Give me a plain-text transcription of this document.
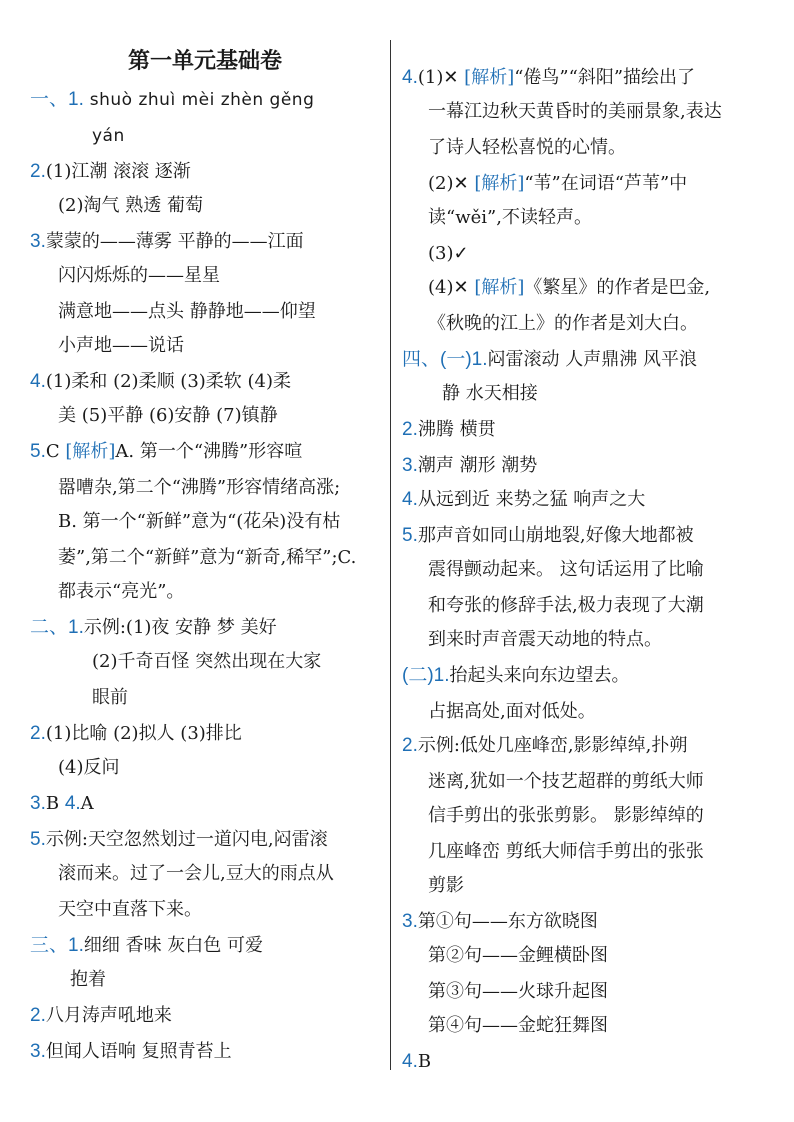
第一单元基础卷
一、1. shuò zhuì mèi zhèn gěng
yán
2.(1)江潮 滚滚 逐渐
(2)淘气 熟透 葡萄
3.蒙蒙的——薄雾 平静的——江面
闪闪烁烁的——星星
满意地——点头 静静地——仰望
小声地——说话
4.(1)柔和 (2)柔顺 (3)柔软 (4)柔
美 (5)平静 (6)安静 (7)镇静
5.C [解析]A. 第一个“沸腾”形容喧
嚣嘈杂,第二个“沸腾”形容情绪高涨;
B. 第一个“新鲜”意为“(花朵)没有枯
萎”,第二个“新鲜”意为“新奇,稀罕”;C.
都表示“亮光”。
二、1.示例:(1)夜 安静 梦 美好
(2)千奇百怪 突然出现在大家
眼前
2.(1)比喻 (2)拟人 (3)排比
(4)反问
3.B 4.A
5.示例:天空忽然划过一道闪电,闷雷滚
滚而来。过了一会儿,豆大的雨点从
天空中直落下来。
三、1.细细 香味 灰白色 可爱
抱着
2.八月涛声吼地来
3.但闻人语响 复照青苔上
4.(1)✕ [解析]“倦鸟”“斜阳”描绘出了
一幕江边秋天黄昏时的美丽景象,表达
了诗人轻松喜悦的心情。
(2)✕ [解析]“苇”在词语“芦苇”中
读“wěi”,不读轻声。
(3)✓
(4)✕ [解析]《繁星》的作者是巴金,
《秋晚的江上》的作者是刘大白。
四、(一)1.闷雷滚动 人声鼎沸 风平浪
静 水天相接
2.沸腾 横贯
3.潮声 潮形 潮势
4.从远到近 来势之猛 响声之大
5.那声音如同山崩地裂,好像大地都被
震得颤动起来。 这句话运用了比喻
和夸张的修辞手法,极力表现了大潮
到来时声音震天动地的特点。
(二)1.抬起头来向东边望去。
占据高处,面对低处。
2.示例:低处几座峰峦,影影绰绰,扑朔
迷离,犹如一个技艺超群的剪纸大师
信手剪出的张张剪影。 影影绰绰的
几座峰峦 剪纸大师信手剪出的张张
剪影
3.第①句——东方欲晓图
第②句——金鲤横卧图
第③句——火球升起图
第④句——金蛇狂舞图
4.B
